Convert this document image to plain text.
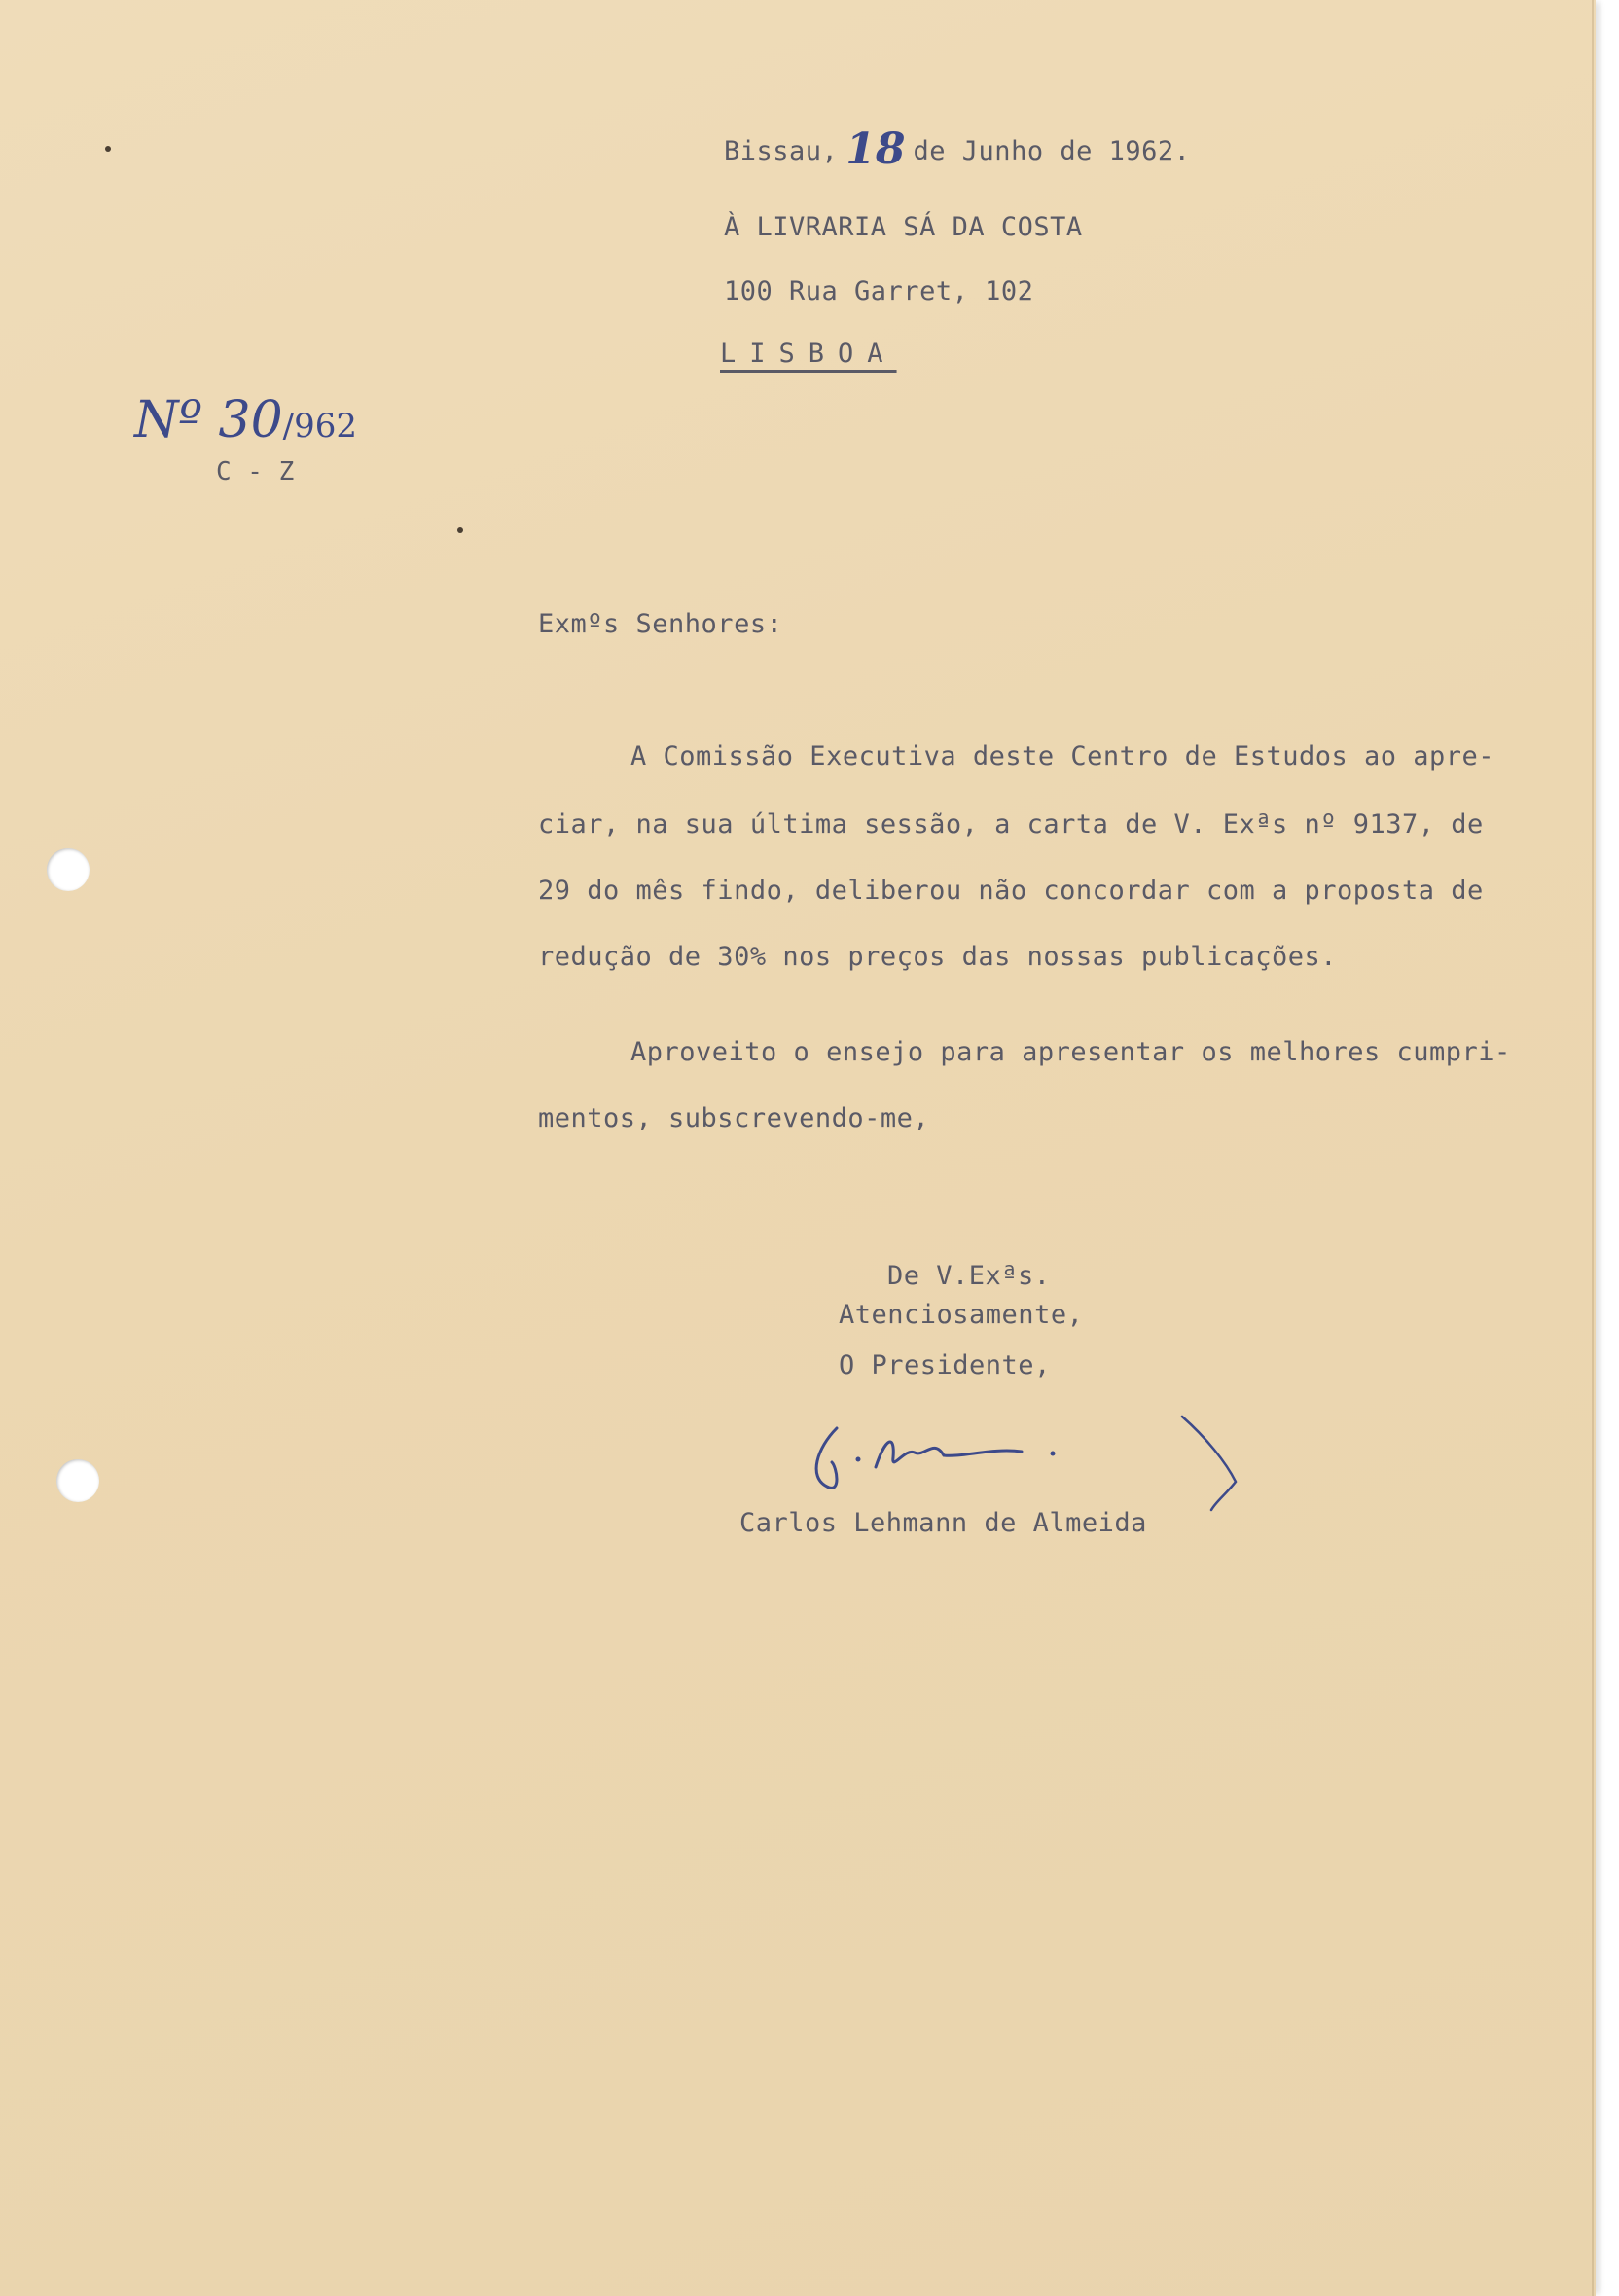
Bissau, 18 de Junho de 1962.

À LIVRARIA SÁ DA COSTA

100 Rua Garret, 102

LISBOA

Nº 30/962

C - Z

Exmºs Senhores:

A Comissão Executiva deste Centro de Estudos ao apre-

ciar, na sua última sessão, a carta de V. Exªs nº 9137, de

29 do mês findo, deliberou não concordar com a proposta de

redução de 30% nos preços das nossas publicações.

Aproveito o ensejo para apresentar os melhores cumpri-

mentos, subscrevendo-me,

De V.Exªs.

Atenciosamente,

O Presidente,

Carlos Lehmann de Almeida
